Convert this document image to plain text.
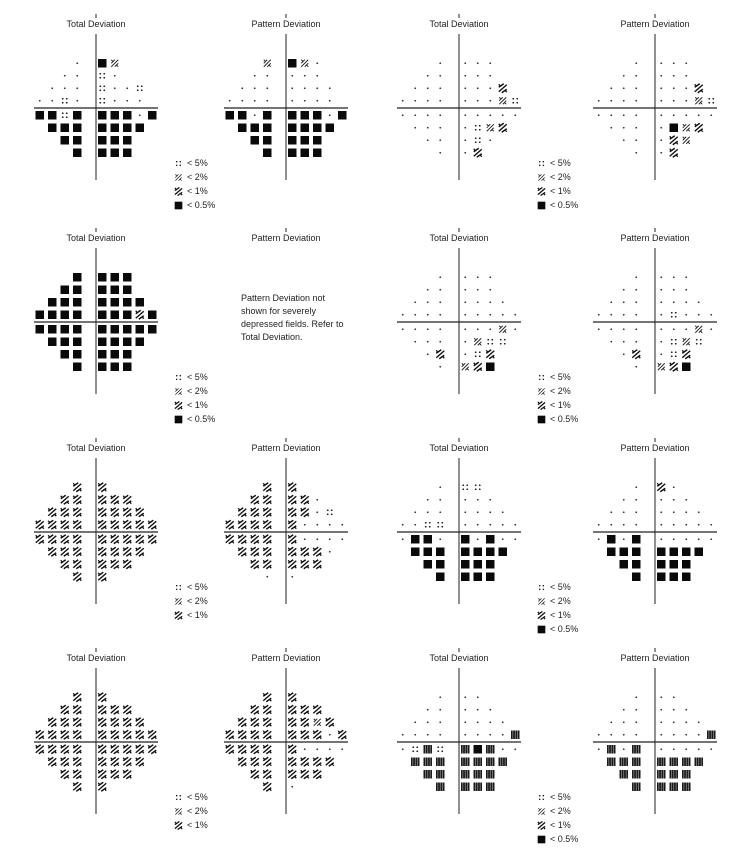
Total Deviation	Pattern Deviation	Total Deviation	Pattern Deviation
Total Deviation	Pattern Deviation
Pattern Deviation not shown for severely depressed fields. Refer to Total Deviation.
Total Deviation	Pattern Deviation
Total Deviation	Pattern Deviation	Total Deviation	Pattern Deviation
Total Deviation	Pattern Deviation	Total Deviation	Pattern Deviation
< 5%
< 2%
< 1%
< 0.5%
< 5%
< 2%
< 1%
< 0.5%
< 5%
< 2%
< 1%
< 0.5%
< 5%
< 2%
< 1%
< 0.5%
< 5%
< 2%
< 1%
< 5%
< 2%
< 1%
< 0.5%
< 5%
< 2%
< 1%
< 5%
< 2%
< 1%
< 0.5%
